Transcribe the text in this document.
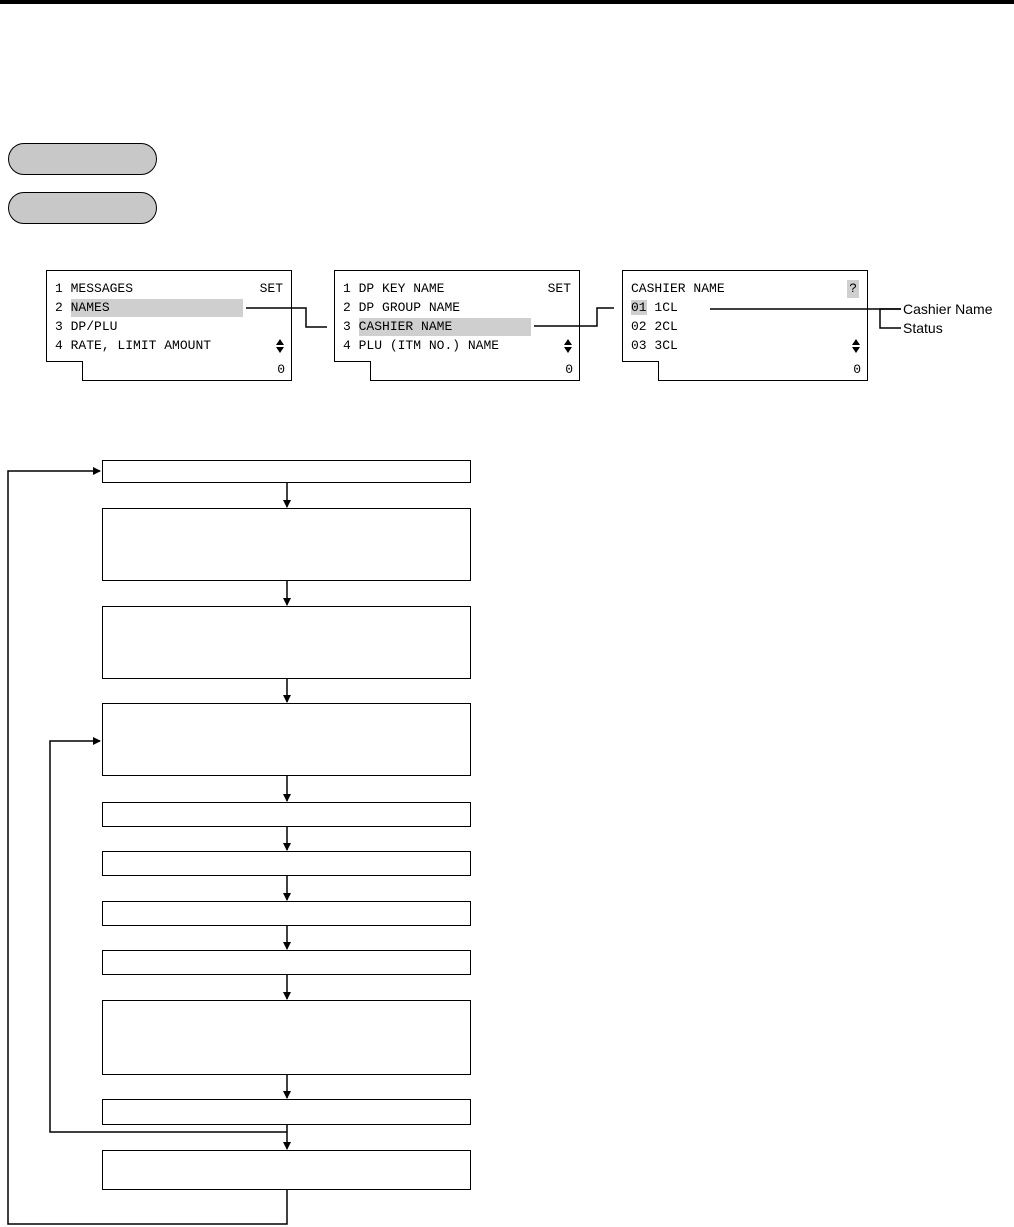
1 MESSAGES	SET
2 NAMES
3 DP/PLU
4 RATE, LIMIT AMOUNT
0
1 DP KEY NAME	SET
2 DP GROUP NAME
3 CASHIER NAME
4 PLU (ITM NO.) NAME
0
CASHIER NAME	?
01 1CL
02 2CL
03 3CL
0
Cashier Name
Status
